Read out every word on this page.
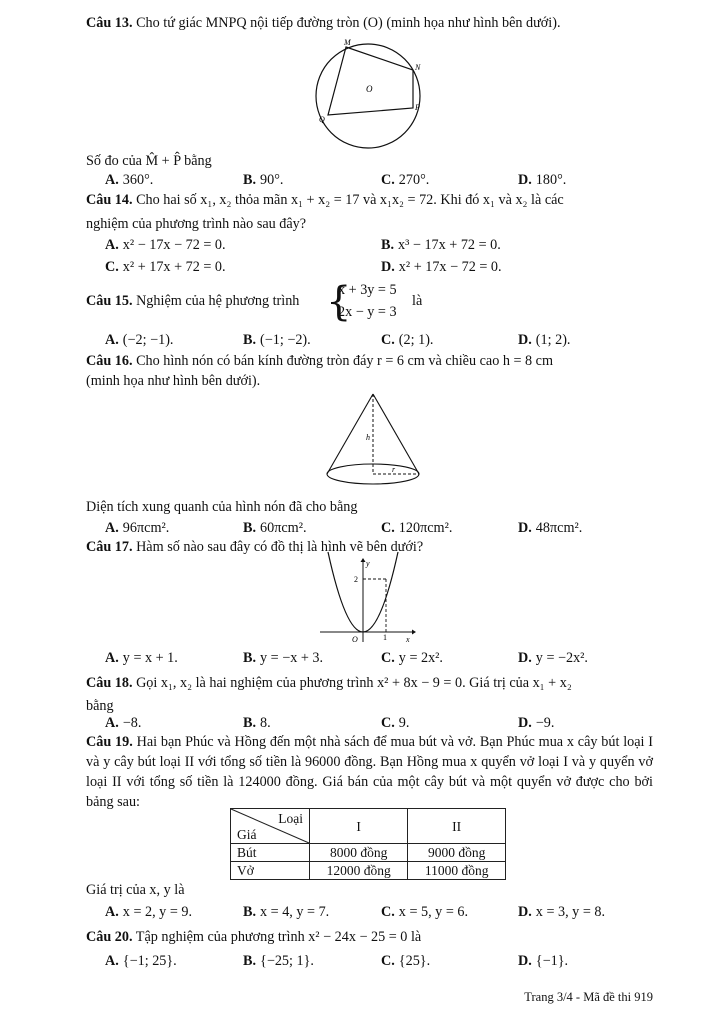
Câu 13. Cho tứ giác MNPQ nội tiếp đường tròn (O) (minh họa như hình bên dưới).
M
N
P
Q
O
Số đo của M̂ + P̂ bằng
A. 360°.	B. 90°.	C. 270°.	D. 180°.
Câu 14. Cho hai số x₁, x₂ thỏa mãn x₁ + x₂ = 17 và x₁x₂ = 72. Khi đó x₁ và x₂ là các
nghiệm của phương trình nào sau đây?
A. x² − 17x − 72 = 0.	B. x³ − 17x + 72 = 0.
C. x² + 17x + 72 = 0.	D. x² + 17x − 72 = 0.
Câu 15. Nghiệm của hệ phương trình {
x + 3y = 5
2x − y = 3
là
A. (−2; −1).	B. (−1; −2).	C. (2; 1).	D. (1; 2).
Câu 16. Cho hình nón có bán kính đường tròn đáy r = 6 cm và chiều cao h = 8 cm
(minh họa như hình bên dưới).
h
r
Diện tích xung quanh của hình nón đã cho bằng
A. 96πcm².	B. 60πcm².	C. 120πcm².	D. 48πcm².
Câu 17. Hàm số nào sau đây có đồ thị là hình vẽ bên dưới?
y
x
O	1
2
A. y = x + 1.	B. y = −x + 3.	C. y = 2x².	D. y = −2x².
Câu 18. Gọi x₁, x₂ là hai nghiệm của phương trình x² + 8x − 9 = 0. Giá trị của x₁ + x₂
bằng
A. −8.	B. 8.	C. 9.	D. −9.
Câu 19. Hai bạn Phúc và Hồng đến một nhà sách để mua bút và vở. Bạn Phúc mua x cây bút loại I và y cây bút loại II với tổng số tiền là 96000 đồng. Bạn Hồng mua x quyển vở loại I và y quyển vở loại II với tổng số tiền là 124000 đồng. Giá bán của một cây bút và một quyển vở được cho bởi bảng sau:
Loại
Giá	I	II
Bút	8000 đồng	9000 đồng
Vở	12000 đồng	11000 đồng
Giá trị của x, y là
A. x = 2, y = 9.	B. x = 4, y = 7.	C. x = 5, y = 6.	D. x = 3, y = 8.
Câu 20. Tập nghiệm của phương trình x² − 24x − 25 = 0 là
A. {−1; 25}.	B. {−25; 1}.	C. {25}.	D. {−1}.
Trang 3/4 - Mã đề thi 919
